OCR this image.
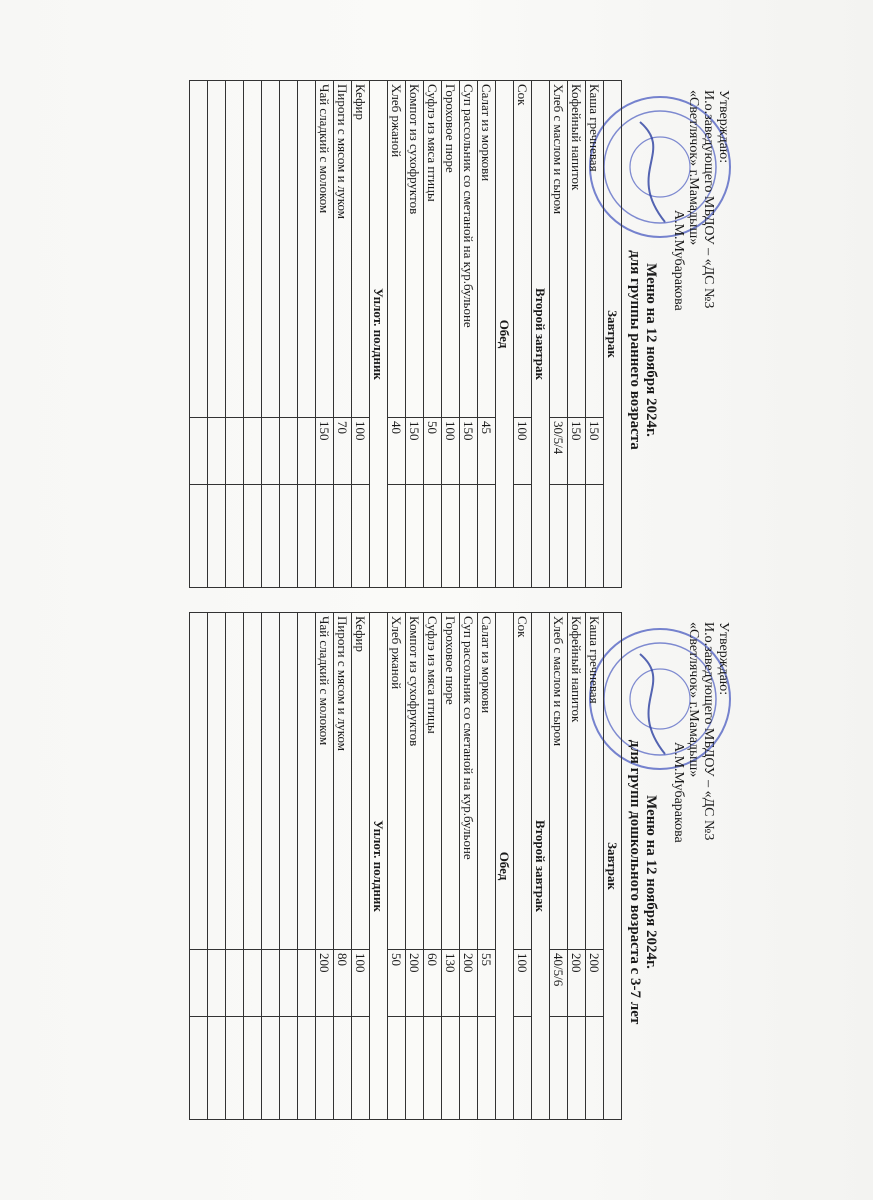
Утверждаю:
И.о.заведующего МБДОУ – «ДС №3
«Светлячок» г.Мамадыш»
А.М.Мубаракова
Меню на 12 ноября 2024г.
для группы раннего возраста
Завтрак		
Каша гречневая	150	
Кофейный напиток	150	
Хлеб с маслом и сыром	30/5/4	
Второй завтрак		
Сок	100	
Обед		
Салат из моркови	45	
Суп рассольник со сметаной на кур.бульоне	150	
Гороховое пюре	100	
Суфлэ из мяса птицы	50	
Компот из сухофруктов	150	
Хлеб ржаной	40	
Уплот. полдник		
Кефир	100	
Пироги с мясом и луком	70	
Чай сладкий с молоком	150	

Утверждаю:
И.о.заведующего МБДОУ – «ДС №3
«Светлячок» г.Мамадыш»
А.М.Мубаракова
Меню на 12 ноября 2024г.
для групп дошкольного возраста с 3-7 лет
Завтрак		
Каша гречневая	200	
Кофейный напиток	200	
Хлеб с маслом и сыром	40/5/6	
Второй завтрак		
Сок	100	
Обед		
Салат из моркови	55	
Суп рассольник со сметаной на кур.бульоне	200	
Гороховое пюре	130	
Суфлэ из мяса птицы	60	
Компот из сухофруктов	200	
Хлеб ржаной	50	
Уплот. полдник		
Кефир	100	
Пироги с мясом и луком	80	
Чай сладкий с молоком	200	
